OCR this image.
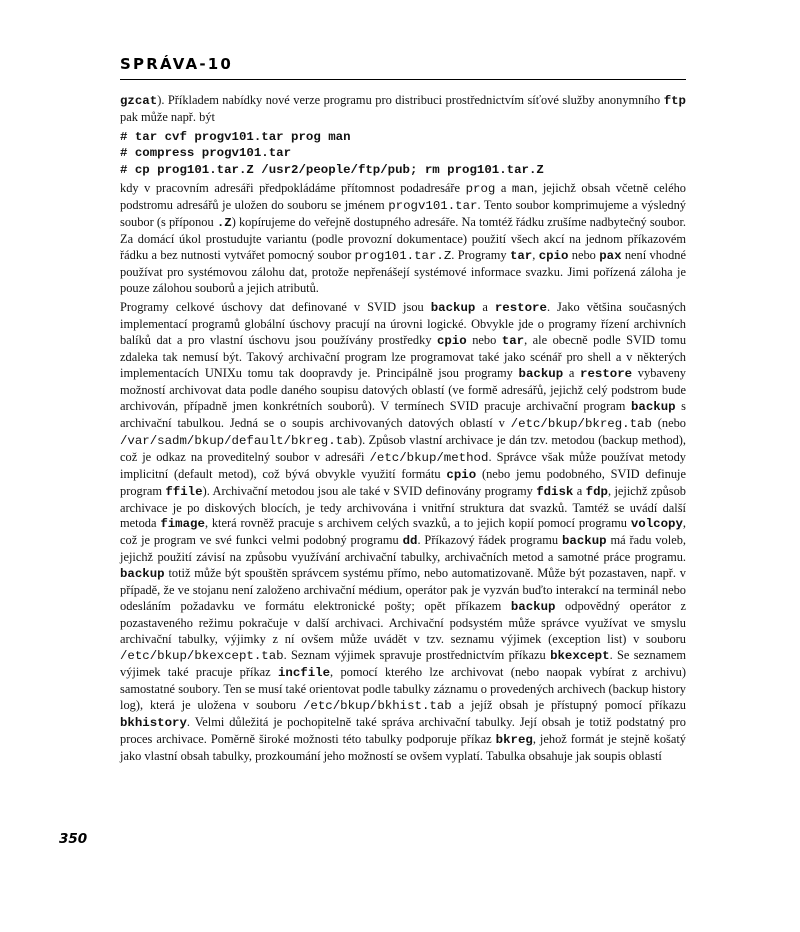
SPRÁVA-10

gzcat). Příkladem nabídky nové verze programu pro distribuci prostřednictvím síťové služby anonymního ftp pak může např. být

# tar cvf progv101.tar prog man
# compress progv101.tar
# cp prog101.tar.Z /usr2/people/ftp/pub; rm prog101.tar.Z

kdy v pracovním adresáři předpokládáme přítomnost podadresáře prog a man, jejichž obsah včetně celého podstromu adresářů je uložen do souboru se jménem progv101.tar. Tento soubor komprimujeme a výsledný soubor (s příponou .Z) kopírujeme do veřejně dostupného adresáře. Na tomtéž řádku zrušíme nadbytečný soubor. Za domácí úkol prostudujte variantu (podle provozní dokumentace) použití všech akcí na jednom příkazovém řádku a bez nutnosti vytvářet pomocný soubor prog101.tar.Z. Programy tar, cpio nebo pax není vhodné používat pro systémovou zálohu dat, protože nepřenášejí systémové informace svazku. Jimi pořízená záloha je pouze zálohou souborů a jejich atributů.

Programy celkové úschovy dat definované v SVID jsou backup a restore. Jako většina současných implementací programů globální úschovy pracují na úrovni logické. Obvykle jde o programy řízení archivních balíků dat a pro vlastní úschovu jsou používány prostředky cpio nebo tar, ale obecně podle SVID tomu zdaleka tak nemusí být. Takový archivační program lze programovat také jako scénář pro shell a v některých implementacích UNIXu tomu tak doopravdy je. Principálně jsou programy backup a restore vybaveny možností archivovat data podle daného soupisu datových oblastí (ve formě adresářů, jejichž celý podstrom bude archivován, případně jmen konkrétních souborů). V termínech SVID pracuje archivační program backup s archivační tabulkou. Jedná se o soupis archivovaných datových oblastí v /etc/bkup/bkreg.tab (nebo /var/sadm/bkup/default/bkreg.tab). Způsob vlastní archivace je dán tzv. metodou (backup method), což je odkaz na proveditelný soubor v adresáři /etc/bkup/method. Správce však může používat metody implicitní (default metod), což bývá obvykle využití formátu cpio (nebo jemu podobného, SVID definuje program ffile). Archivační metodou jsou ale také v SVID definovány programy fdisk a fdp, jejichž způsob archivace je po diskových blocích, je tedy archivována i vnitřní struktura dat svazků. Tamtéž se uvádí další metoda fimage, která rovněž pracuje s archivem celých svazků, a to jejich kopií pomocí programu volcopy, což je program ve své funkci velmi podobný programu dd. Příkazový řádek programu backup má řadu voleb, jejichž použití závisí na způsobu využívání archivační tabulky, archivačních metod a samotné práce programu. backup totiž může být spouštěn správcem systému přímo, nebo automatizovaně. Může být pozastaven, např. v případě, že ve stojanu není založeno archivační médium, operátor pak je vyzván buďto interakcí na terminál nebo odesláním požadavku ve formátu elektronické pošty; opět příkazem backup odpovědný operátor z pozastaveného režimu pokračuje v další archivaci. Archivační podsystém může správce využívat ve smyslu archivační tabulky, výjimky z ní ovšem může uvádět v tzv. seznamu výjimek (exception list) v souboru /etc/bkup/bkexcept.tab. Seznam výjimek spravuje prostřednictvím příkazu bkexcept. Se seznamem výjimek také pracuje příkaz incfile, pomocí kterého lze archivovat (nebo naopak vybírat z archivu) samostatné soubory. Ten se musí také orientovat podle tabulky záznamu o provedených archivech (backup history log), která je uložena v souboru /etc/bkup/bkhist.tab a jejíž obsah je přístupný pomocí příkazu bkhistory. Velmi důležitá je pochopitelně také správa archivační tabulky. Její obsah je totiž podstatný pro proces archivace. Poměrně široké možnosti této tabulky podporuje příkaz bkreg, jehož formát je stejně košatý jako vlastní obsah tabulky, prozkoumání jeho možností se ovšem vyplatí. Tabulka obsahuje jak soupis oblastí

350
